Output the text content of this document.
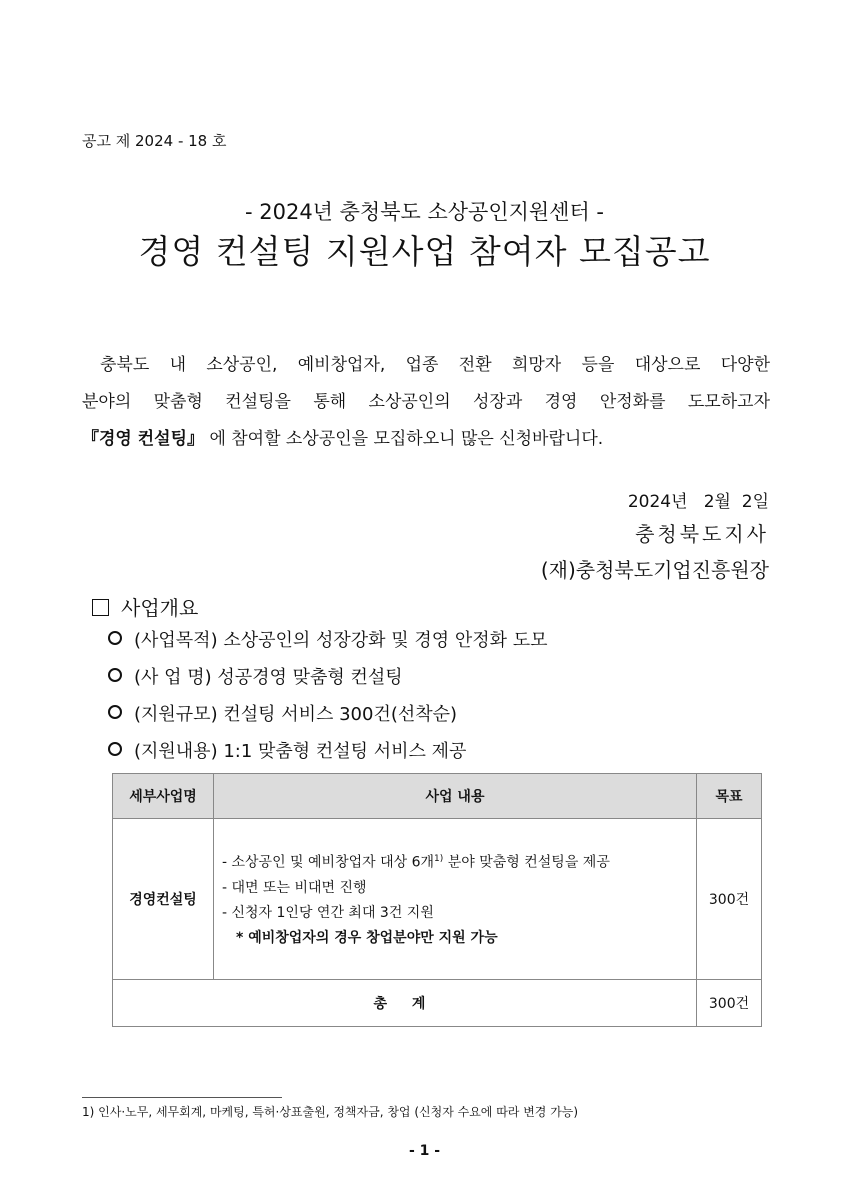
공고 제 2024 - 18 호
- 2024년 충청북도 소상공인지원센터 -
경영 컨설팅 지원사업 참여자 모집공고
충북도 내 소상공인, 예비창업자, 업종 전환 희망자 등을 대상으로 다양한
분야의 맞춤형 컨설팅을 통해 소상공인의 성장과 경영 안정화를 도모하고자
『경영 컨설팅』 에 참여할 소상공인을 모집하오니 많은 신청바랍니다.
2024년   2월  2일
충청북도지사
(재)충청북도기업진흥원장
사업개요
(사업목적) 소상공인의 성장강화 및 경영 안정화 도모
(사 업 명) 성공경영 맞춤형 컨설팅
(지원규모) 컨설팅 서비스 300건(선착순)
(지원내용) 1:1 맞춤형 컨설팅 서비스 제공
세부사업명	사업 내용	목표
경영컨설팅	- 소상공인 및 예비창업자 대상 6개$^{1)}$ 분야 맞춤형 컨설팅을 제공
- 대면 또는 비대면 진행
- 신청자 1인당 연간 최대 3건 지원
* 예비창업자의 경우 창업분야만 지원 가능	300건
총 계		300건
1) 인사·노무, 세무회계, 마케팅, 특허·상표출원, 정책자금, 창업 (신청자 수요에 따라 변경 가능)
- 1 -
